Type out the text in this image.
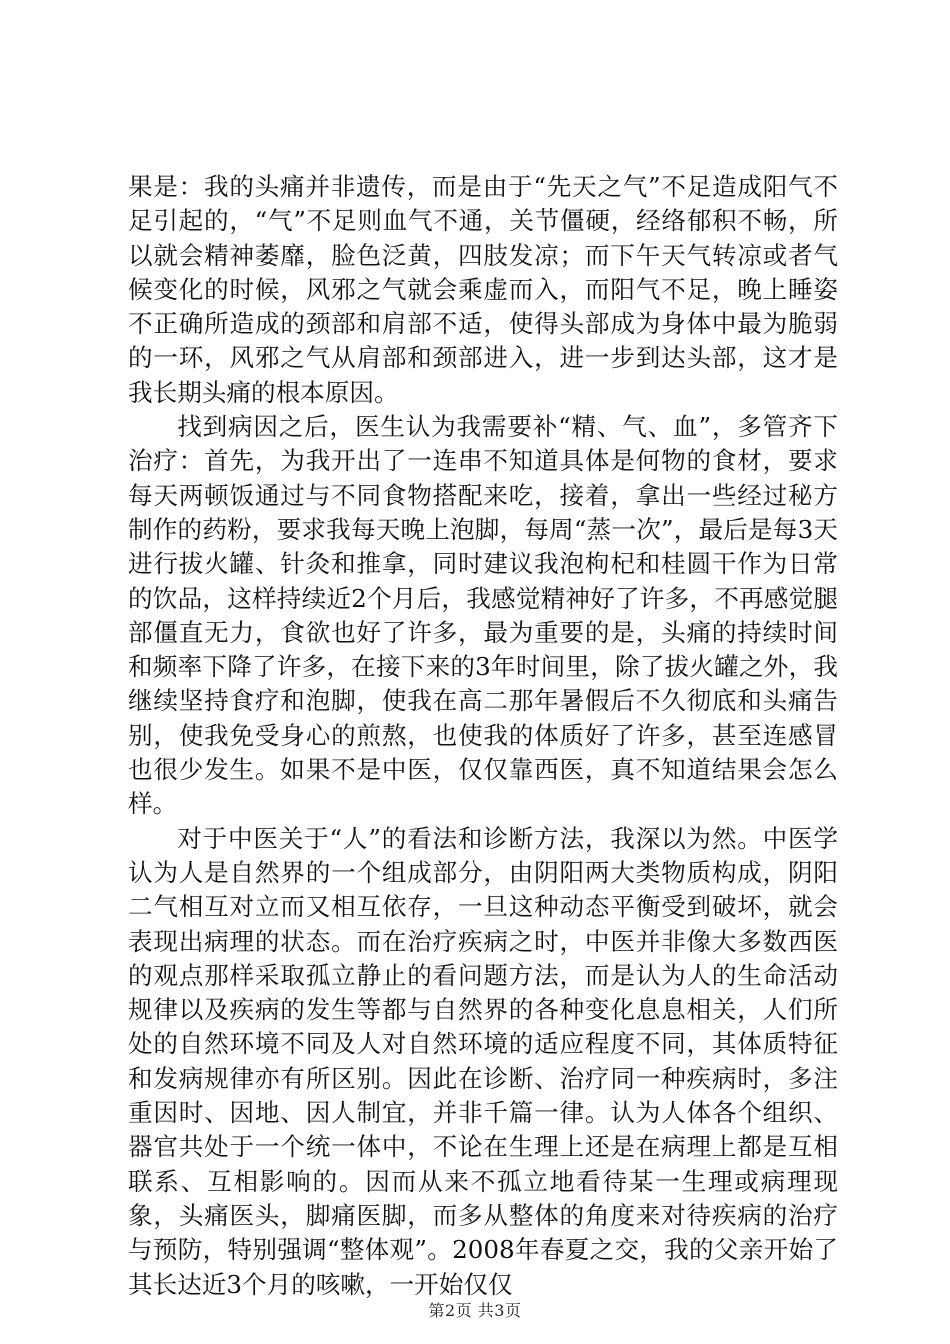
果是：我的头痛并非遗传，而是由于“先天之气”不足造成阳气不足引起的，“气”不足则血气不通，关节僵硬，经络郁积不畅，所以就会精神萎靡，脸色泛黄，四肢发凉；而下午天气转凉或者气候变化的时候，风邪之气就会乘虚而入，而阳气不足，晚上睡姿不正确所造成的颈部和肩部不适，使得头部成为身体中最为脆弱的一环，风邪之气从肩部和颈部进入，进一步到达头部，这才是我长期头痛的根本原因。

找到病因之后，医生认为我需要补“精、气、血”，多管齐下治疗：首先，为我开出了一连串不知道具体是何物的食材，要求每天两顿饭通过与不同食物搭配来吃，接着，拿出一些经过秘方制作的药粉，要求我每天晚上泡脚，每周“蒸一次”，最后是每3天进行拔火罐、针灸和推拿，同时建议我泡枸杞和桂圆干作为日常的饮品，这样持续近2个月后，我感觉精神好了许多，不再感觉腿部僵直无力，食欲也好了许多，最为重要的是，头痛的持续时间和频率下降了许多，在接下来的3年时间里，除了拔火罐之外，我继续坚持食疗和泡脚，使我在高二那年暑假后不久彻底和头痛告别，使我免受身心的煎熬，也使我的体质好了许多，甚至连感冒也很少发生。如果不是中医，仅仅靠西医，真不知道结果会怎么样。

对于中医关于“人”的看法和诊断方法，我深以为然。中医学认为人是自然界的一个组成部分，由阴阳两大类物质构成，阴阳二气相互对立而又相互依存，一旦这种动态平衡受到破坏，就会表现出病理的状态。而在治疗疾病之时，中医并非像大多数西医的观点那样采取孤立静止的看问题方法，而是认为人的生命活动规律以及疾病的发生等都与自然界的各种变化息息相关，人们所处的自然环境不同及人对自然环境的适应程度不同，其体质特征和发病规律亦有所区别。因此在诊断、治疗同一种疾病时，多注重因时、因地、因人制宜，并非千篇一律。认为人体各个组织、器官共处于一个统一体中，不论在生理上还是在病理上都是互相联系、互相影响的。因而从来不孤立地看待某一生理或病理现象，头痛医头，脚痛医脚，而多从整体的角度来对待疾病的治疗与预防，特别强调“整体观”。2008年春夏之交，我的父亲开始了其长达近3个月的咳嗽，一开始仅仅

第2页 共3页
